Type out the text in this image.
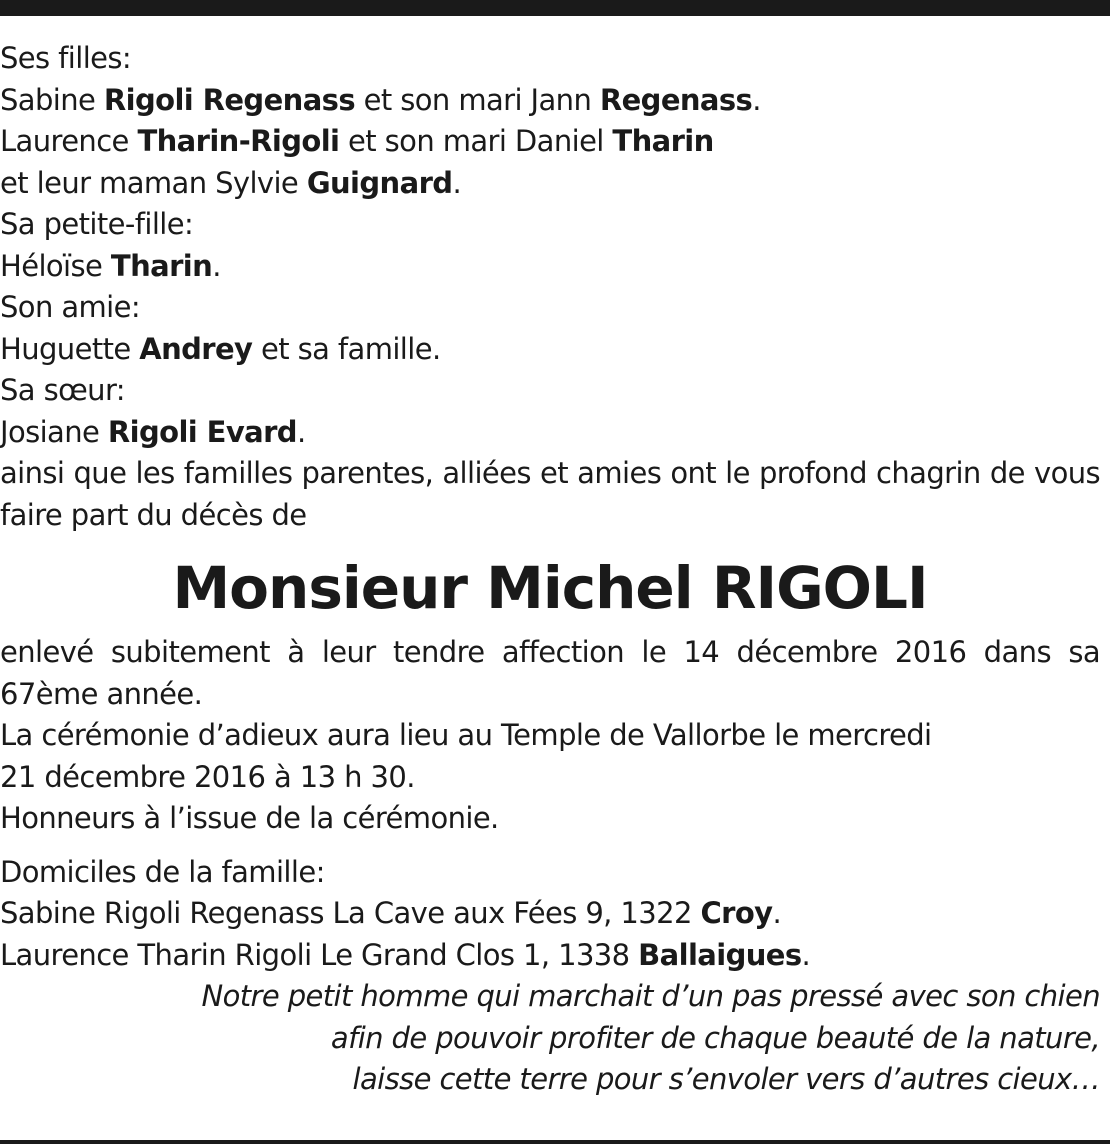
Ses filles:
Sabine Rigoli Regenass et son mari Jann Regenass.
Laurence Tharin-Rigoli et son mari Daniel Tharin
et leur maman Sylvie Guignard.
Sa petite-fille:
Héloïse Tharin.
Son amie:
Huguette Andrey et sa famille.
Sa sœur:
Josiane Rigoli Evard.
ainsi que les familles parentes, alliées et amies ont le profond chagrin de vous faire part du décès de
Monsieur Michel RIGOLI
enlevé subitement à leur tendre affection le 14 décembre 2016 dans sa 67ème année.
La cérémonie d’adieux aura lieu au Temple de Vallorbe le mercredi
21 décembre 2016 à 13 h 30.
Honneurs à l’issue de la cérémonie.
Domiciles de la famille:
Sabine Rigoli Regenass La Cave aux Fées 9, 1322 Croy.
Laurence Tharin Rigoli Le Grand Clos 1, 1338 Ballaigues.
Notre petit homme qui marchait d’un pas pressé avec son chien
afin de pouvoir profiter de chaque beauté de la nature,
laisse cette terre pour s’envoler vers d’autres cieux…
